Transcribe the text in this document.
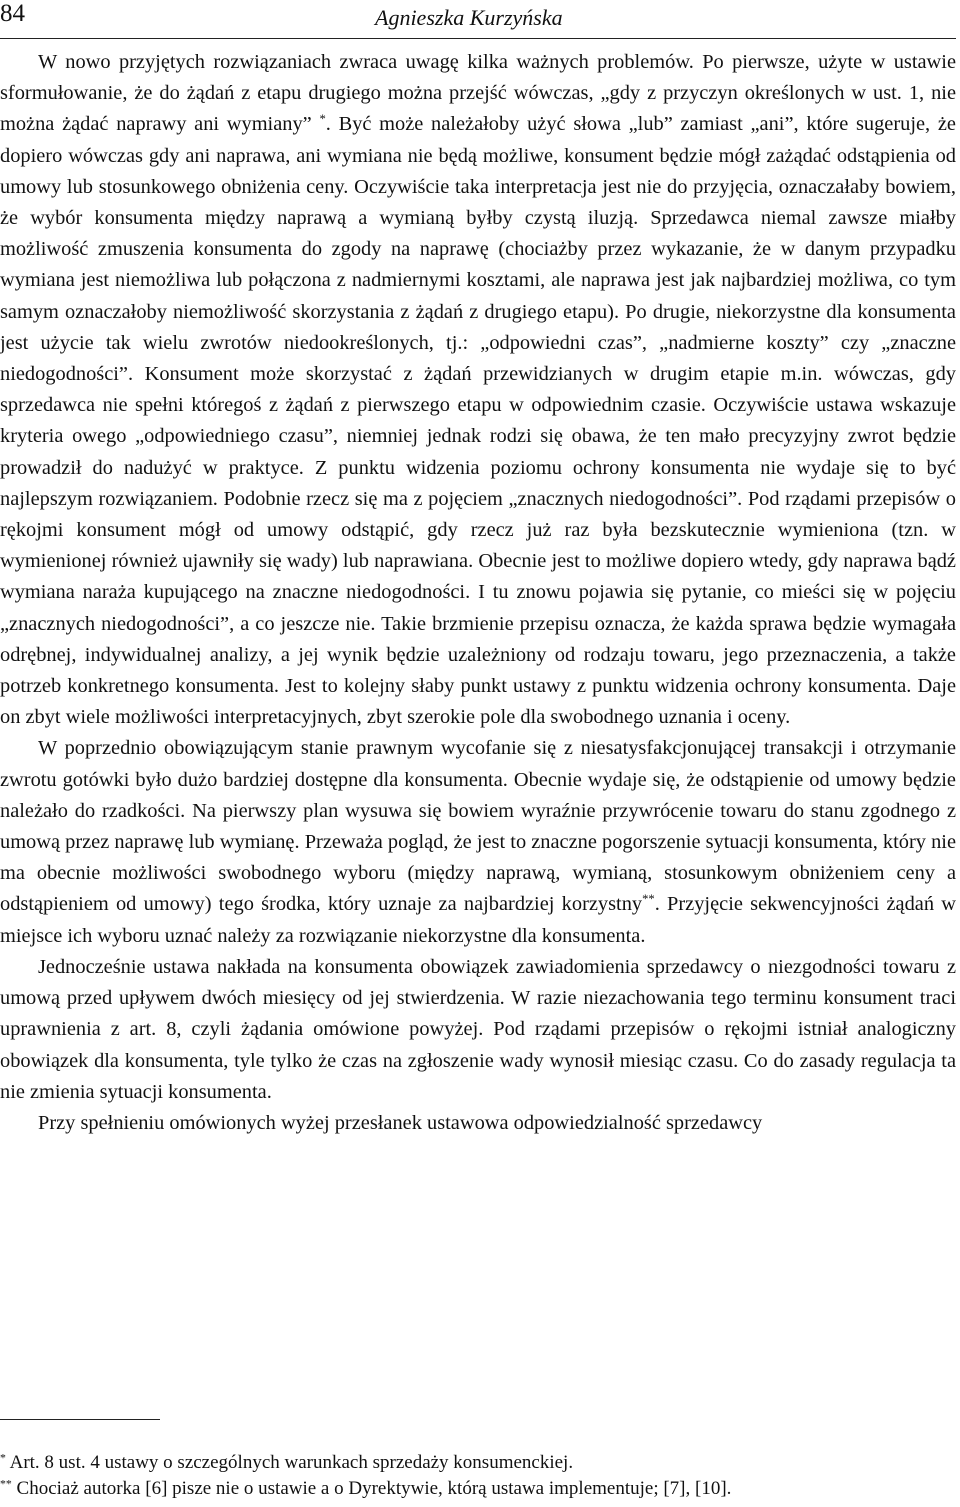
84	Agnieszka Kurzyńska

W nowo przyjętych rozwiązaniach zwraca uwagę kilka ważnych problemów. Po pierwsze, użyte w ustawie sformułowanie, że do żądań z etapu drugiego można przejść wówczas, „gdy z przyczyn określonych w ust. 1, nie można żądać naprawy ani wymiany” *. Być może należałoby użyć słowa „lub” zamiast „ani”, które sugeruje, że dopiero wówczas gdy ani naprawa, ani wymiana nie będą możliwe, konsument będzie mógł zażądać odstąpienia od umowy lub stosunkowego obniżenia ceny. Oczywiście taka interpretacja jest nie do przyjęcia, oznaczałaby bowiem, że wybór konsumenta między naprawą a wymianą byłby czystą iluzją. Sprzedawca niemal zawsze miałby możliwość zmuszenia konsumenta do zgody na naprawę (chociażby przez wykazanie, że w danym przypadku wymiana jest niemożliwa lub połączona z nadmiernymi kosztami, ale naprawa jest jak najbardziej możliwa, co tym samym oznaczałoby niemożliwość skorzystania z żądań z drugiego etapu). Po drugie, niekorzystne dla konsumenta jest użycie tak wielu zwrotów niedookreślonych, tj.: „odpowiedni czas”, „nadmierne koszty” czy „znaczne niedogodności”. Konsument może skorzystać z żądań przewidzianych w drugim etapie m.in. wówczas, gdy sprzedawca nie spełni któregoś z żądań z pierwszego etapu w odpowiednim czasie. Oczywiście ustawa wskazuje kryteria owego „odpowiedniego czasu”, niemniej jednak rodzi się obawa, że ten mało precyzyjny zwrot będzie prowadził do nadużyć w praktyce. Z punktu widzenia poziomu ochrony konsumenta nie wydaje się to być najlepszym rozwiązaniem. Podobnie rzecz się ma z pojęciem „znacznych niedogodności”. Pod rządami przepisów o rękojmi konsument mógł od umowy odstąpić, gdy rzecz już raz była bezskutecznie wymieniona (tzn. w wymienionej również ujawniły się wady) lub naprawiana. Obecnie jest to możliwe dopiero wtedy, gdy naprawa bądź wymiana naraża kupującego na znaczne niedogodności. I tu znowu pojawia się pytanie, co mieści się w pojęciu „znacznych niedogodności”, a co jeszcze nie. Takie brzmienie przepisu oznacza, że każda sprawa będzie wymagała odrębnej, indywidualnej analizy, a jej wynik będzie uzależniony od rodzaju towaru, jego przeznaczenia, a także potrzeb konkretnego konsumenta. Jest to kolejny słaby punkt ustawy z punktu widzenia ochrony konsumenta. Daje on zbyt wiele możliwości interpretacyjnych, zbyt szerokie pole dla swobodnego uznania i oceny.

W poprzednio obowiązującym stanie prawnym wycofanie się z niesatysfakcjonującej transakcji i otrzymanie zwrotu gotówki było dużo bardziej dostępne dla konsumenta. Obecnie wydaje się, że odstąpienie od umowy będzie należało do rzadkości. Na pierwszy plan wysuwa się bowiem wyraźnie przywrócenie towaru do stanu zgodnego z umową przez naprawę lub wymianę. Przeważa pogląd, że jest to znaczne pogorszenie sytuacji konsumenta, który nie ma obecnie możliwości swobodnego wyboru (między naprawą, wymianą, stosunkowym obniżeniem ceny a odstąpieniem od umowy) tego środka, który uznaje za najbardziej korzystny**. Przyjęcie sekwencyjności żądań w miejsce ich wyboru uznać należy za rozwiązanie niekorzystne dla konsumenta.

Jednocześnie ustawa nakłada na konsumenta obowiązek zawiadomienia sprzedawcy o niezgodności towaru z umową przed upływem dwóch miesięcy od jej stwierdzenia. W razie niezachowania tego terminu konsument traci uprawnienia z art. 8, czyli żądania omówione powyżej. Pod rządami przepisów o rękojmi istniał analogiczny obowiązek dla konsumenta, tyle tylko że czas na zgłoszenie wady wynosił miesiąc czasu. Co do zasady regulacja ta nie zmienia sytuacji konsumenta.

Przy spełnieniu omówionych wyżej przesłanek ustawowa odpowiedzialność sprzedawcy

* Art. 8 ust. 4 ustawy o szczególnych warunkach sprzedaży konsumenckiej.

** Chociaż autorka [6] pisze nie o ustawie a o Dyrektywie, którą ustawa implementuje; [7], [10].
